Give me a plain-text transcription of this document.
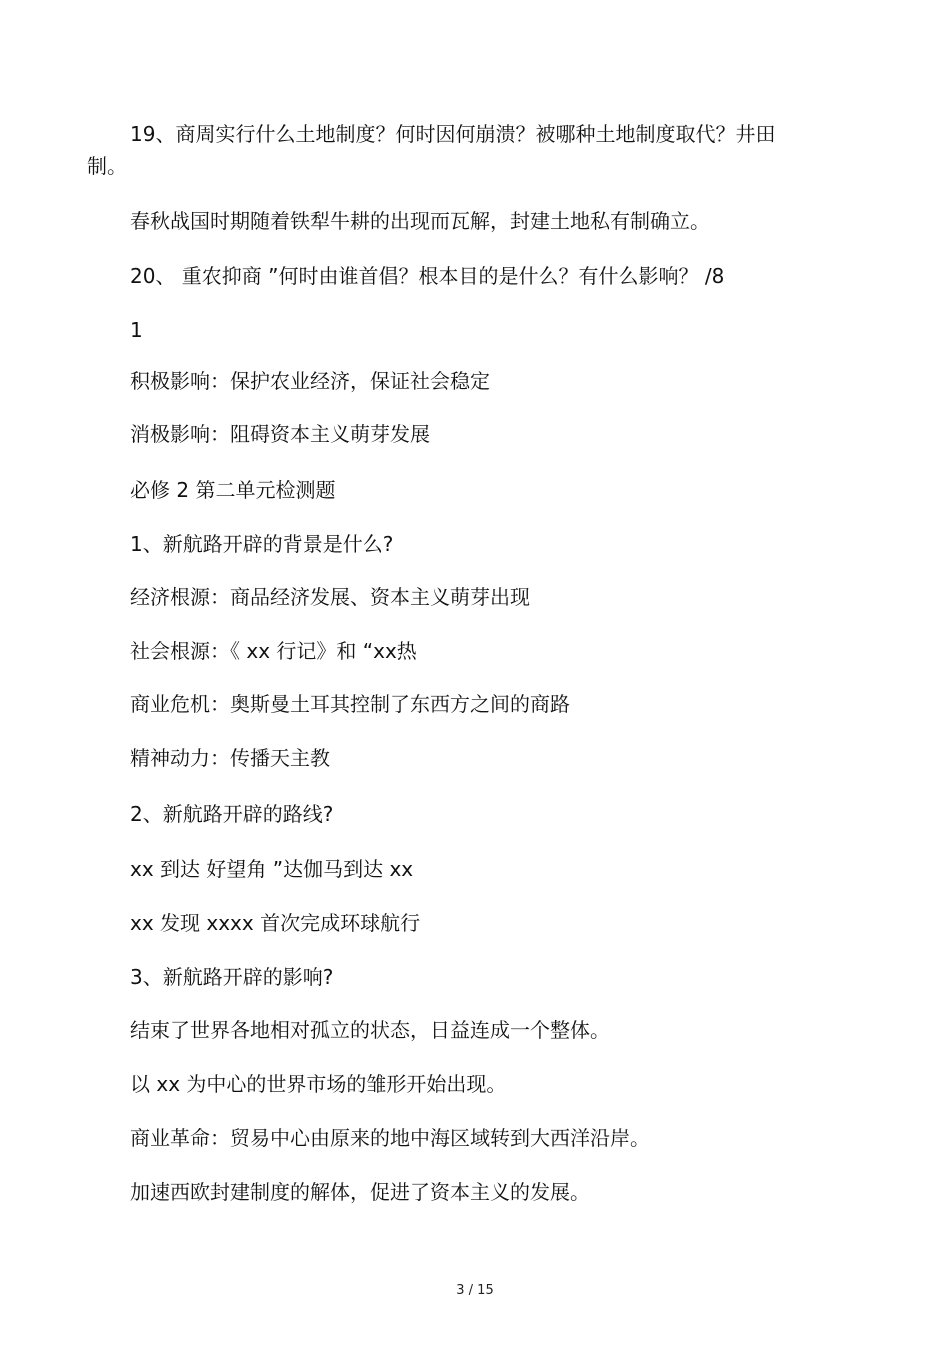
19、商周实行什么土地制度？何时因何崩溃？被哪种土地制度取代？井田
制。
春秋战国时期随着铁犁牛耕的出现而瓦解，封建土地私有制确立。
20、 重农抑商 ”何时由谁首倡？根本目的是什么？有什么影响？ /8
1
积极影响：保护农业经济，保证社会稳定
消极影响：阻碍资本主义萌芽发展
必修 2 第二单元检测题
1、新航路开辟的背景是什么?
经济根源：商品经济发展、资本主义萌芽出现
社会根源：《 xx 行记》和 “xx热
商业危机：奥斯曼土耳其控制了东西方之间的商路
精神动力：传播天主教
2、新航路开辟的路线?
xx 到达 好望角 ”达伽马到达 xx
xx 发现 xxxx 首次完成环球航行
3、新航路开辟的影响?
结束了世界各地相对孤立的状态，日益连成一个整体。
以 xx 为中心的世界市场的雏形开始出现。
商业革命：贸易中心由原来的地中海区域转到大西洋沿岸。
加速西欧封建制度的解体，促进了资本主义的发展。
3 / 15
